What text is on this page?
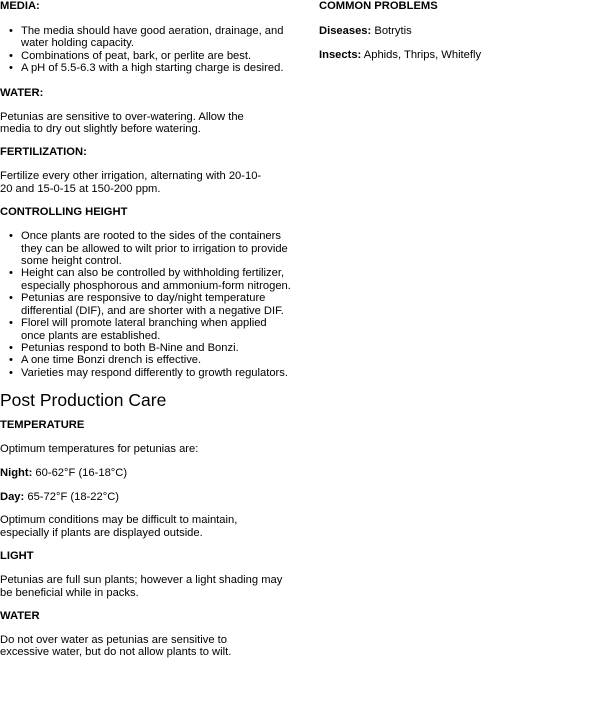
MEDIA:
• The media should have good aeration, drainage, and water holding capacity.
• Combinations of peat, bark, or perlite are best.
• A pH of 5.5-6.3 with a high starting charge is desired.
WATER:

Petunias are sensitive to over-watering. Allow the media to dry out slightly before watering.

FERTILIZATION:

Fertilize every other irrigation, alternating with 20-10-20 and 15-0-15 at 150-200 ppm.

CONTROLLING HEIGHT
• Once plants are rooted to the sides of the containers they can be allowed to wilt prior to irrigation to provide some height control.
• Height can also be controlled by withholding fertilizer, especially phosphorous and ammonium-form nitrogen.
• Petunias are responsive to day/night temperature differential (DIF), and are shorter with a negative DIF.
• Florel will promote lateral branching when applied once plants are established.
• Petunias respond to both B-Nine and Bonzi.
• A one time Bonzi drench is effective.
• Varieties may respond differently to growth regulators.
Post Production Care
TEMPERATURE

Optimum temperatures for petunias are:

Night: 60-62°F (16-18°C)

Day: 65-72°F (18-22°C)

Optimum conditions may be difficult to maintain, especially if plants are displayed outside.

LIGHT

Petunias are full sun plants; however a light shading may be beneficial while in packs.

WATER

Do not over water as petunias are sensitive to excessive water, but do not allow plants to wilt.

COMMON PROBLEMS

Diseases: Botrytis

Insects: Aphids, Thrips, Whitefly
